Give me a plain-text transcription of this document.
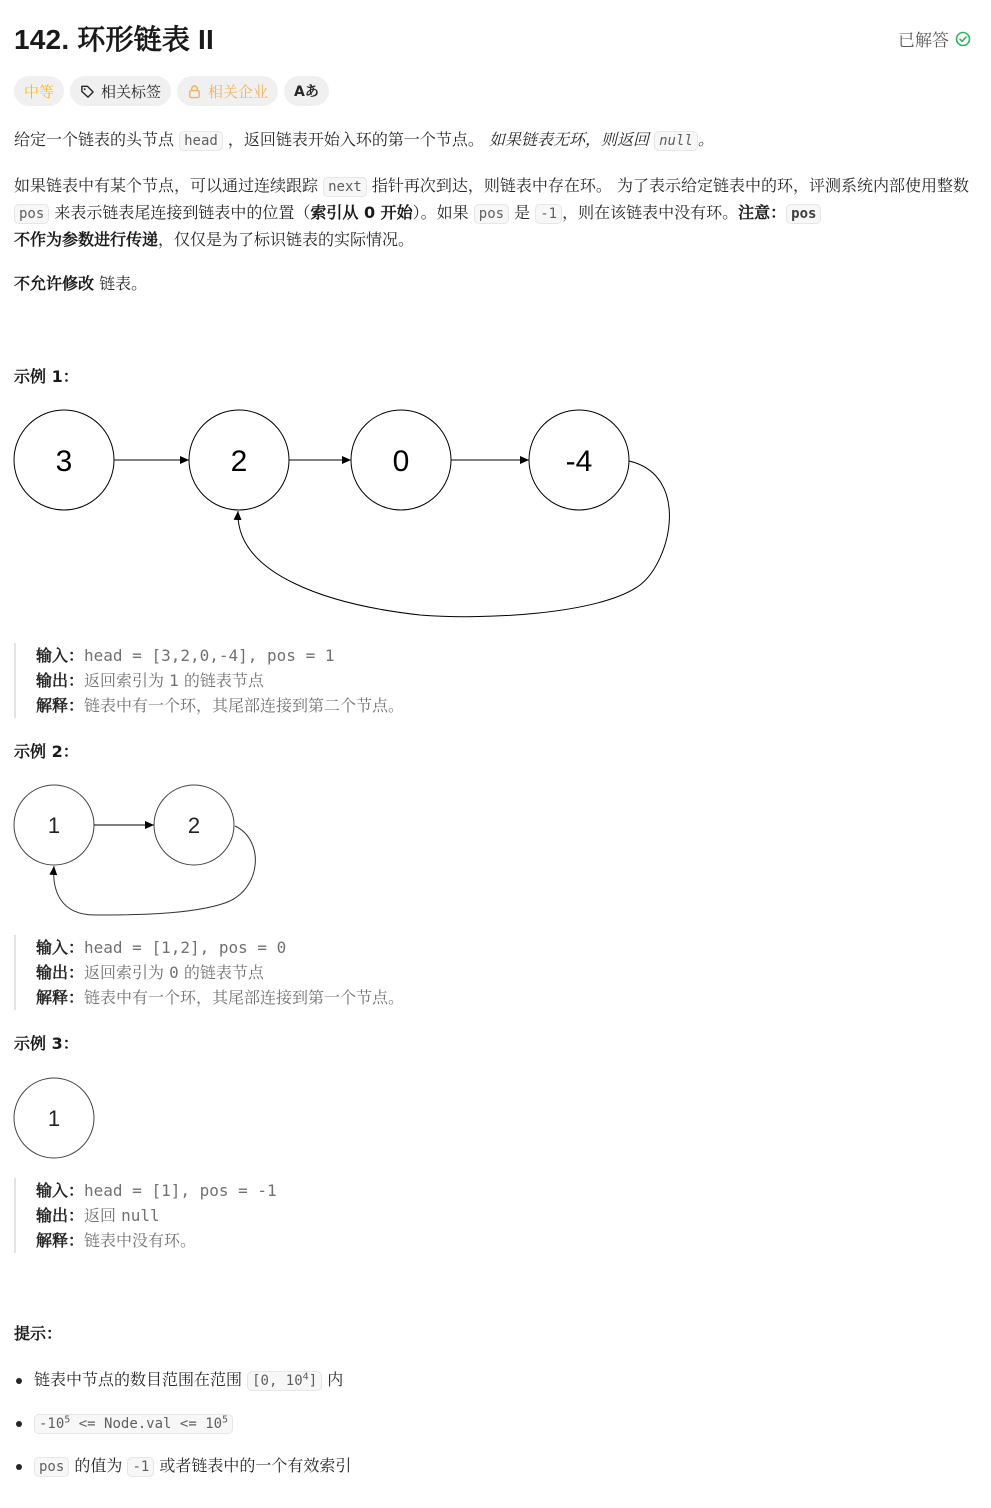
142. 环形链表 II	已解答
中等	相关标签	相关企业 Aあ

给定一个链表的头节点 head ，返回链表开始入环的第一个节点。 如果链表无环，则返回 null 。

如果链表中有某个节点，可以通过连续跟踪 next 指针再次到达，则链表中存在环。 为了表示给定链表中的环，评测系统内部使用整数 pos 来表示链表尾连接到链表中的位置（索引从 0 开始）。如果 pos 是 -1 ，则在该链表中没有环。注意： pos
不作为参数进行传递，仅仅是为了标识链表的实际情况。

不允许修改 链表。

示例 1：
3	2	0	-4
输入：head = [3,2,0,-4], pos = 1
输出：返回索引为 1 的链表节点
解释：链表中有一个环，其尾部连接到第二个节点。
示例 2：
1	2
输入：head = [1,2], pos = 0
输出：返回索引为 0 的链表节点
解释：链表中有一个环，其尾部连接到第一个节点。
示例 3：
1
输入：head = [1], pos = -1
输出：返回 null
解释：链表中没有环。
提示：
链表中节点的数目范围在范围 [0, $10^4$] 内
$-10^5$ <= Node.val <= $10^5$
pos 的值为 -1 或者链表中的一个有效索引
